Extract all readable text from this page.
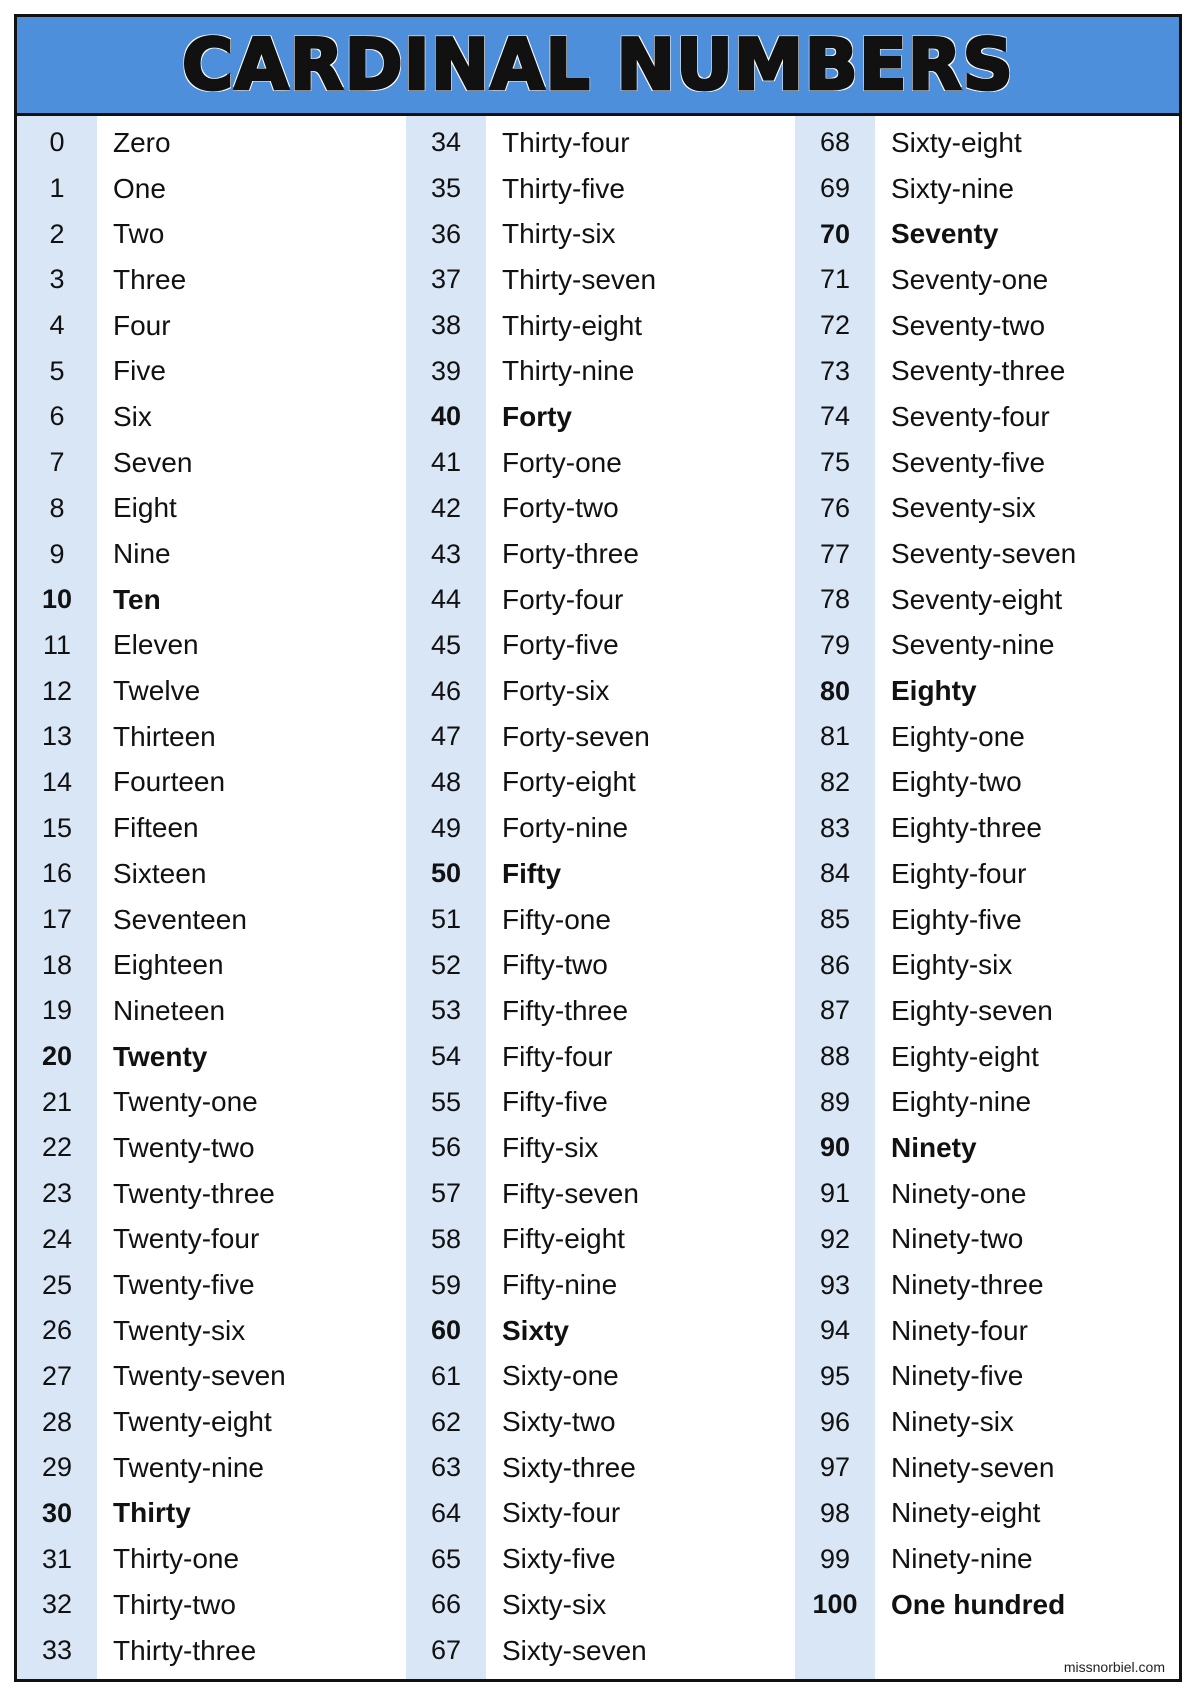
CARDINAL NUMBERS
0	Zero
1	One
2	Two
3	Three
4	Four
5	Five
6	Six
7	Seven
8	Eight
9	Nine
10	Ten
11	Eleven
12	Twelve
13	Thirteen
14	Fourteen
15	Fifteen
16	Sixteen
17	Seventeen
18	Eighteen
19	Nineteen
20	Twenty
21	Twenty-one
22	Twenty-two
23	Twenty-three
24	Twenty-four
25	Twenty-five
26	Twenty-six
27	Twenty-seven
28	Twenty-eight
29	Twenty-nine
30	Thirty
31	Thirty-one
32	Thirty-two
33	Thirty-three
34	Thirty-four
35	Thirty-five
36	Thirty-six
37	Thirty-seven
38	Thirty-eight
39	Thirty-nine
40	Forty
41	Forty-one
42	Forty-two
43	Forty-three
44	Forty-four
45	Forty-five
46	Forty-six
47	Forty-seven
48	Forty-eight
49	Forty-nine
50	Fifty
51	Fifty-one
52	Fifty-two
53	Fifty-three
54	Fifty-four
55	Fifty-five
56	Fifty-six
57	Fifty-seven
58	Fifty-eight
59	Fifty-nine
60	Sixty
61	Sixty-one
62	Sixty-two
63	Sixty-three
64	Sixty-four
65	Sixty-five
66	Sixty-six
67	Sixty-seven
68	Sixty-eight
69	Sixty-nine
70	Seventy
71	Seventy-one
72	Seventy-two
73	Seventy-three
74	Seventy-four
75	Seventy-five
76	Seventy-six
77	Seventy-seven
78	Seventy-eight
79	Seventy-nine
80	Eighty
81	Eighty-one
82	Eighty-two
83	Eighty-three
84	Eighty-four
85	Eighty-five
86	Eighty-six
87	Eighty-seven
88	Eighty-eight
89	Eighty-nine
90	Ninety
91	Ninety-one
92	Ninety-two
93	Ninety-three
94	Ninety-four
95	Ninety-five
96	Ninety-six
97	Ninety-seven
98	Ninety-eight
99	Ninety-nine
100	One hundred
missnorbiel.com
